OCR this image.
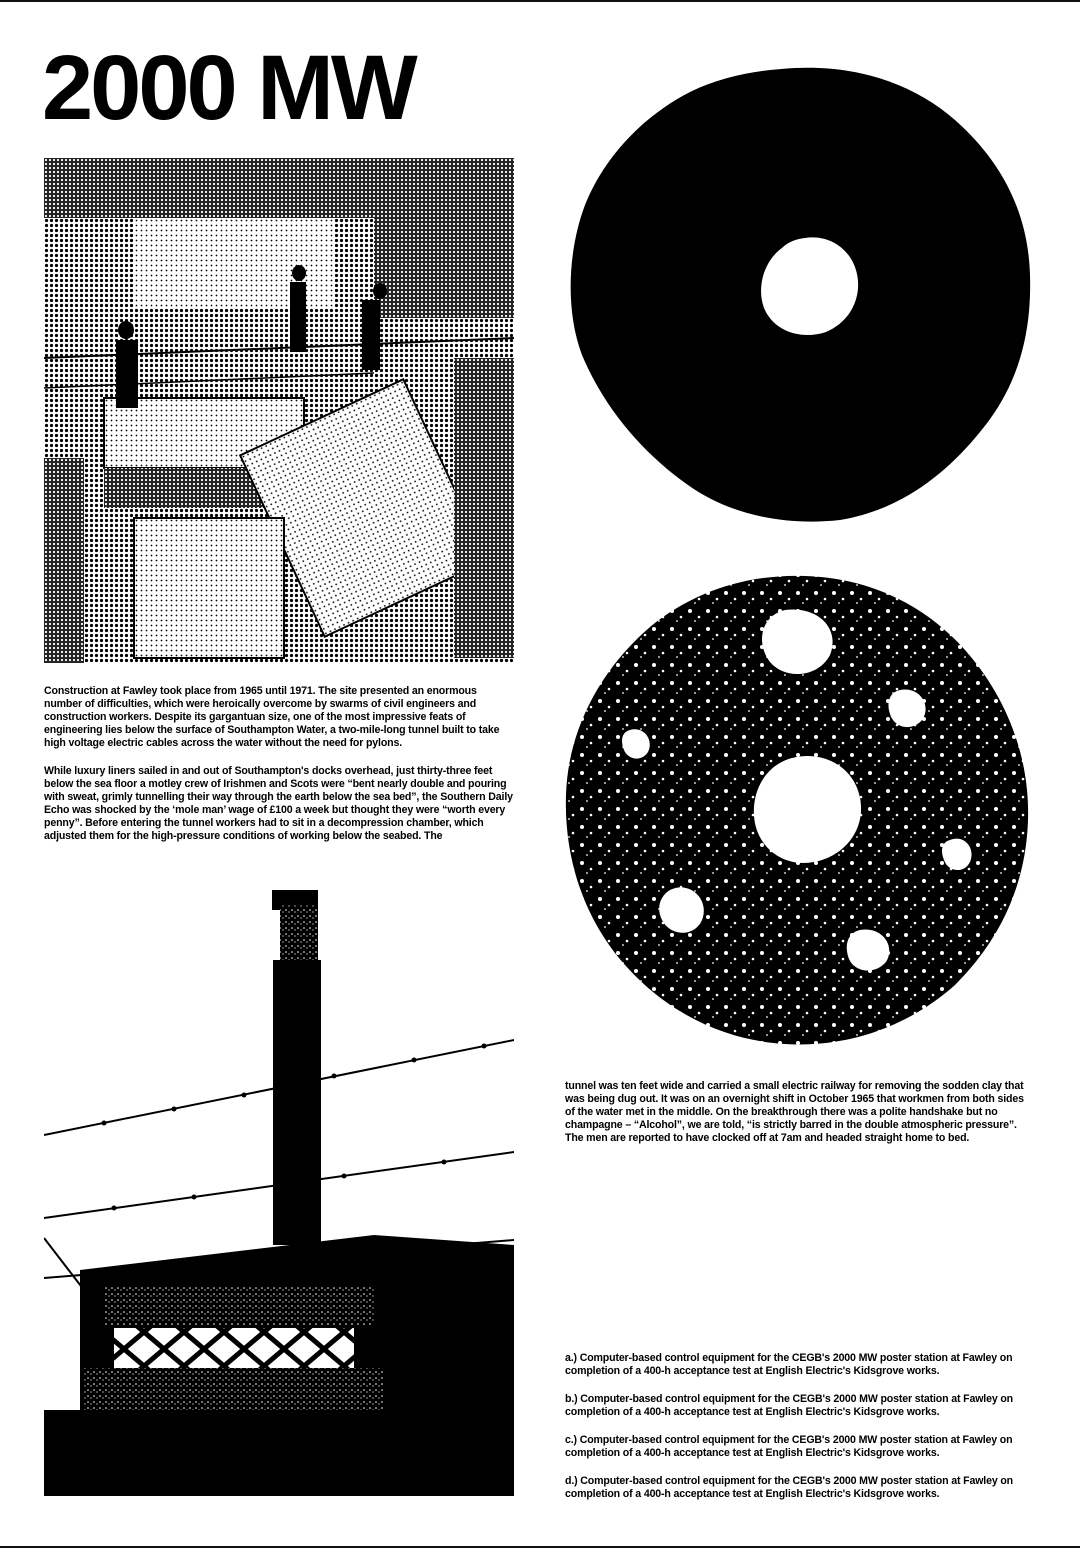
2000 MW

Construction at Fawley took place from 1965 until 1971. The site presented an enormous number of difficulties, which were heroically overcome by swarms of civil engineers and construction workers. Despite its gargantuan size, one of the most impressive feats of engineering lies below the surface of Southampton Water, a two-mile-long tunnel built to take high voltage electric cables across the water without the need for pylons.

While luxury liners sailed in and out of Southampton's docks overhead, just thirty-three feet below the sea floor a motley crew of Irishmen and Scots were “bent nearly double and pouring with sweat, grimly tunnelling their way through the earth below the sea bed”, the Southern Daily Echo was shocked by the ‘mole man’ wage of £100 a week but thought they were “worth every penny”. Before entering the tunnel workers had to sit in a decompression chamber, which adjusted them for the high-pressure conditions of working below the seabed. The

tunnel was ten feet wide and carried a small electric railway for removing the sodden clay that was being dug out. It was on an overnight shift in October 1965 that workmen from both sides of the water met in the middle. On the breakthrough there was a polite handshake but no champagne – “Alcohol”, we are told, “is strictly barred in the double atmospheric pressure”. The men are reported to have clocked off at 7am and headed straight home to bed.

a.) Computer-based control equipment for the CEGB's 2000 MW poster station at Fawley on completion of a 400-h acceptance test at English Electric's Kidsgrove works.

b.) Computer-based control equipment for the CEGB's 2000 MW poster station at Fawley on completion of a 400-h acceptance test at English Electric's Kidsgrove works.

c.) Computer-based control equipment for the CEGB's 2000 MW poster station at Fawley on completion of a 400-h acceptance test at English Electric's Kidsgrove works.

d.) Computer-based control equipment for the CEGB's 2000 MW poster station at Fawley on completion of a 400-h acceptance test at English Electric's Kidsgrove works.
